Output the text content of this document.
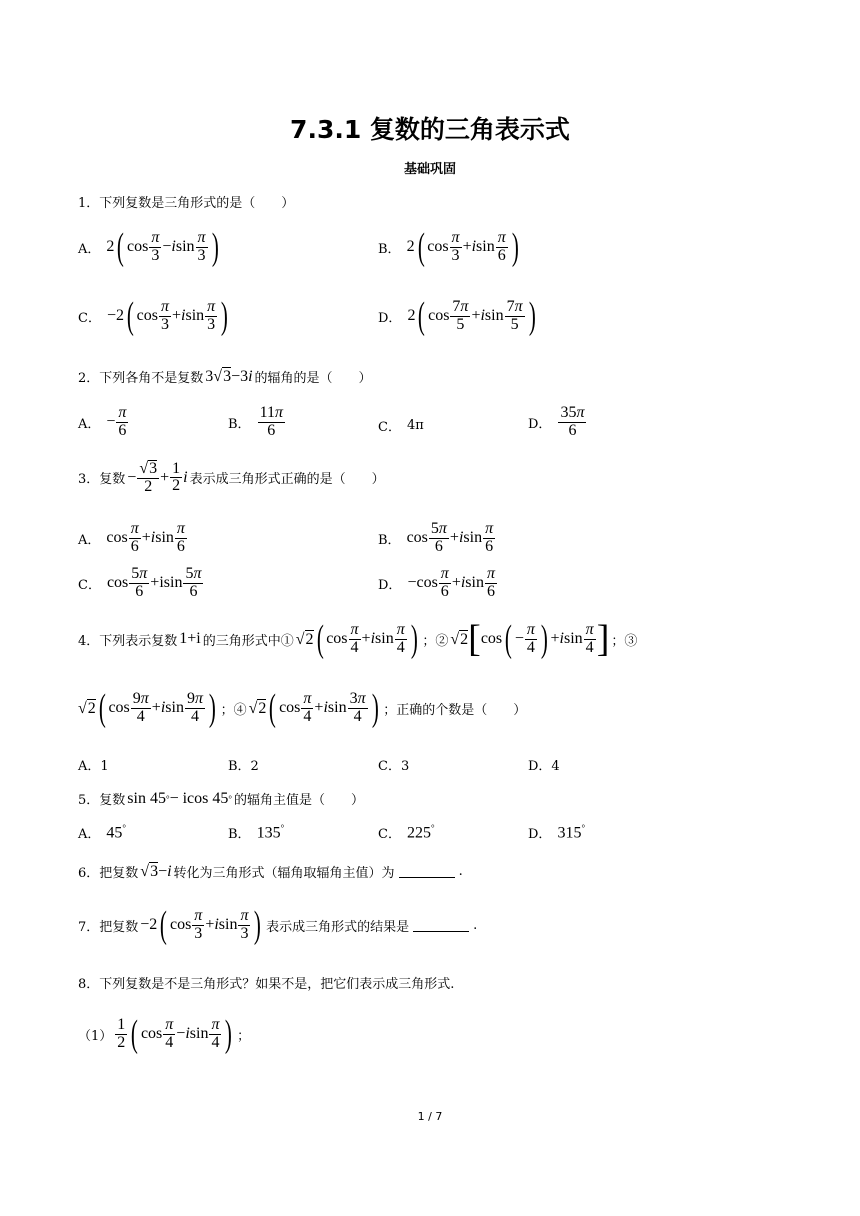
7.3.1 复数的三角表示式
基础巩固
1．下列复数是三角形式的是（　　）
A． 2 ( $\cos \frac{\pi}{3} - i$ $\sin \frac{\pi}{3}$ )	B． 2 ( $\cos \frac{\pi}{3} + i$ $\sin \frac{\pi}{6}$ )
C． −2 ( $\cos \frac{\pi}{3} + i$ $\sin \frac{\pi}{3}$ )	D． 2 ( $\cos \frac{7\pi}{5} + i$ $\sin \frac{7\pi}{5}$ )
2．下列各角不是复数 3 √ 3 −3 i 的辐角的是（　　）
A． − $\frac{\pi}{6}$	B． $\frac{11\pi}{6}$	C． 4π	D． $\frac{35\pi}{6}$
3．复数 − $\frac{√ 3}{2} + \frac{1}{2}$ i 表示成三角形式正确的是（　　）
A． $\cos \frac{\pi}{6} + i$ $\sin \frac{\pi}{6}$	B． $\cos \frac{5\pi}{6} + i$ $\sin \frac{\pi}{6}$
C． $\cos \frac{5\pi}{6} +isin \frac{5\pi}{6}$	D． $-\cos \frac{\pi}{6} + i$ $\sin \frac{\pi}{6}$
4．下列表示复数 1+i 的三角形式中① √ 2 ( $\cos \frac{\pi}{4} + i$ $\sin \frac{\pi}{4}$ ) ；② √ 2 [ cos ( − $\frac{\pi}{4}$ ) + i $\sin \frac{\pi}{4}$ ] ；③
√ 2 ( $\cos \frac{9\pi}{4} + i$ $\sin \frac{9\pi}{4}$ ) ；④ √ 2 ( $\cos \frac{\pi}{4} + i$ $\sin \frac{3\pi}{4}$ ) ；正确的个数是（　　）
A．1	B．2	C．3	D．4
5．复数 sin 45 ° − icos 45 ° 的辐角主值是（　　）
A． 45°	B． 135°	C． 225°	D． 315°
6．把复数 √ 3 − i 转化为三角形式（辐角取辐角主值）为	.
7．把复数 −2 ( $\cos \frac{\pi}{3} + i$ $\sin \frac{\pi}{3}$ ) 表示成三角形式的结果是	.
8．下列复数是不是三角形式？如果不是，把它们表示成三角形式.
$(1) \frac{1}{2}$ ( $\cos \frac{\pi}{4} - i$ $\sin \frac{\pi}{4}$ ) ；
1 / 7
